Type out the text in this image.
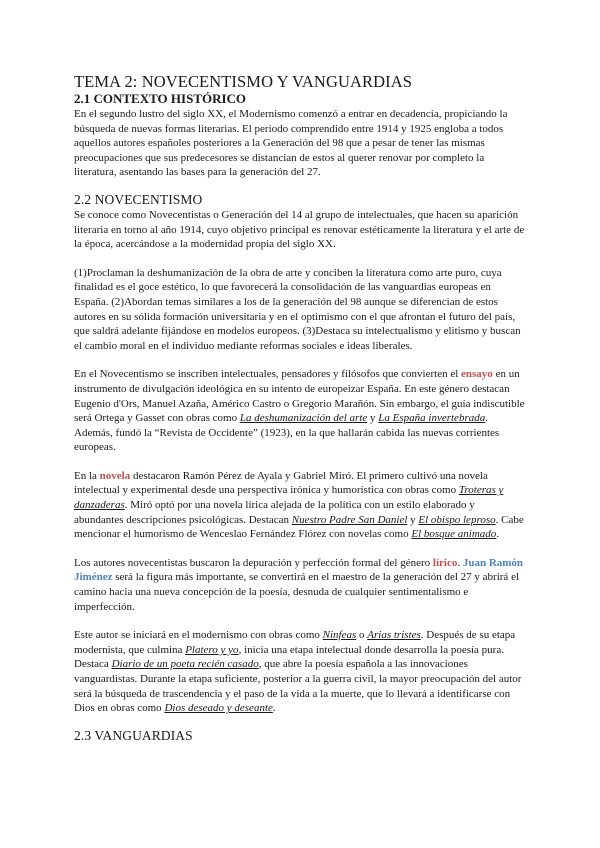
TEMA 2: NOVECENTISMO Y VANGUARDIAS
2.1 CONTEXTO HISTÓRICO

En el segundo lustro del siglo XX, el Modernismo comenzó a entrar en decadencia, propiciando la búsqueda de nuevas formas literarias. El periodo comprendido entre 1914 y 1925 engloba a todos aquellos autores españoles posteriores a la Generación del 98 que a pesar de tener las mismas preocupaciones que sus predecesores se distancian de estos al querer renovar por completo la literatura, asentando las bases para la generación del 27.

2.2 NOVECENTISMO

Se conoce como Novecentistas o Generación del 14 al grupo de intelectuales, que hacen su aparición literaria en torno al año 1914, cuyo objetivo principal es renovar estéticamente la literatura y el arte de la época, acercándose a la modernidad propia del siglo XX.

(1)Proclaman la deshumanización de la obra de arte y conciben la literatura como arte puro, cuya finalidad es el goce estético, lo que favorecerá la consolidación de las vanguardias europeas en España. (2)Abordan temas similares a los de la generación del 98 aunque se diferencian de estos autores en su sólida formación universitaria y en el optimismo con el que afrontan el futuro del país, que saldrá adelante fijándose en modelos europeos. (3)Destaca su intelectualismo y elitismo y buscan el cambio moral en el individuo mediante reformas sociales e ideas liberales.

En el Novecentismo se inscriben intelectuales, pensadores y filósofos que convierten el ensayo en un instrumento de divulgación ideológica en su intento de europeizar España. En este género destacan Eugenio d'Ors, Manuel Azaña, Américo Castro o Gregorio Marañón. Sin embargo, el guía indiscutible será Ortega y Gasset con obras como La deshumanización del arte y La España invertebrada. Además, fundó la “Revista de Occidente” (1923), en la que hallarán cabida las nuevas corrientes europeas.

En la novela destacaron Ramón Pérez de Ayala y Gabriel Miró. El primero cultivó una novela intelectual y experimental desde una perspectiva irónica y humorística con obras como Troteras y danzaderas. Miró optó por una novela lírica alejada de la política con un estilo elaborado y abundantes descripciones psicológicas. Destacan Nuestro Padre San Daniel y El obispo leproso. Cabe mencionar el humorismo de Wenceslao Fernández Flórez con novelas como El bosque animado.

Los autores novecentistas buscaron la depuración y perfección formal del género lírico. Juan Ramón Jiménez será la figura más importante, se convertirá en el maestro de la generación del 27 y abrirá el camino hacia una nueva concepción de la poesía, desnuda de cualquier sentimentalismo e imperfección.

Este autor se iniciará en el modernismo con obras como Ninfeas o Arias tristes. Después de su etapa modernista, que culmina Platero y yo, inicia una etapa intelectual donde desarrolla la poesía pura. Destaca Diario de un poeta recién casado, que abre la poesía española a las innovaciones vanguardistas. Durante la etapa suficiente, posterior a la guerra civil, la mayor preocupación del autor será la búsqueda de trascendencia y el paso de la vida a la muerte, que lo llevará a identificarse con Dios en obras como Dios deseado y deseante.

2.3 VANGUARDIAS
